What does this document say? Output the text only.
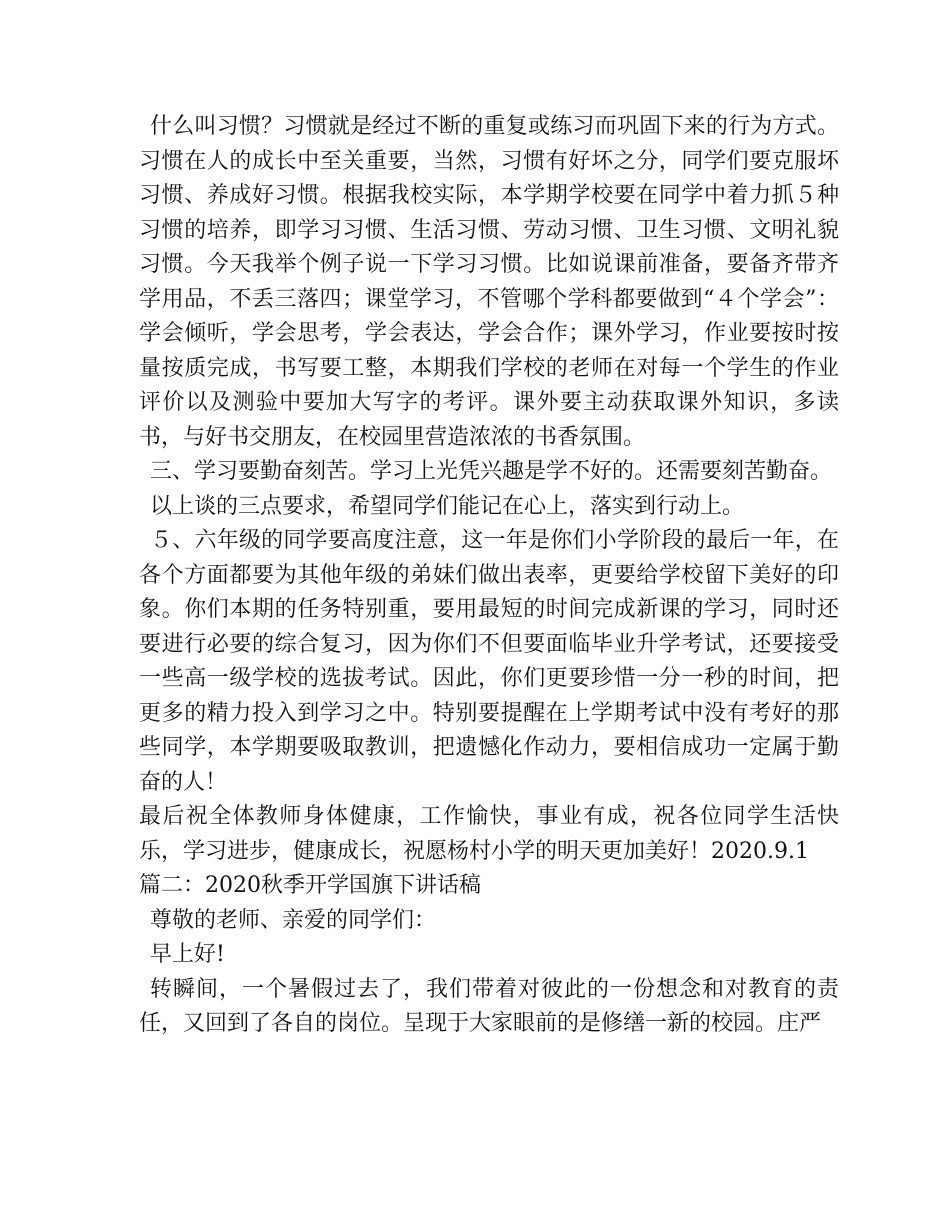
什么叫习惯？习惯就是经过不断的重复或练习而巩固下来的行为方式。习惯在人的成长中至关重要，当然，习惯有好坏之分，同学们要克服坏习惯、养成好习惯。根据我校实际，本学期学校要在同学中着力抓５种习惯的培养，即学习习惯、生活习惯、劳动习惯、卫生习惯、文明礼貌习惯。今天我举个例子说一下学习习惯。比如说课前准备，要备齐带齐学用品，不丢三落四；课堂学习，不管哪个学科都要做到“４个学会”：学会倾听，学会思考，学会表达，学会合作；课外学习，作业要按时按量按质完成，书写要工整，本期我们学校的老师在对每一个学生的作业评价以及测验中要加大写字的考评。课外要主动获取课外知识，多读书，与好书交朋友，在校园里营造浓浓的书香氛围。

三、学习要勤奋刻苦。学习上光凭兴趣是学不好的。还需要刻苦勤奋。

以上谈的三点要求，希望同学们能记在心上，落实到行动上。

５、六年级的同学要高度注意，这一年是你们小学阶段的最后一年，在各个方面都要为其他年级的弟妹们做出表率，更要给学校留下美好的印象。你们本期的任务特别重，要用最短的时间完成新课的学习，同时还要进行必要的综合复习，因为你们不但要面临毕业升学考试，还要接受一些高一级学校的选拔考试。因此，你们更要珍惜一分一秒的时间，把更多的精力投入到学习之中。特别要提醒在上学期考试中没有考好的那些同学，本学期要吸取教训，把遗憾化作动力，要相信成功一定属于勤奋的人！

最后祝全体教师身体健康，工作愉快，事业有成，祝各位同学生活快乐，学习进步，健康成长，祝愿杨村小学的明天更加美好！2020.9.1

篇二：2020秋季开学国旗下讲话稿

尊敬的老师、亲爱的同学们：

早上好!

转瞬间，一个暑假过去了，我们带着对彼此的一份想念和对教育的责任，又回到了各自的岗位。呈现于大家眼前的是修缮一新的校园。庄严
